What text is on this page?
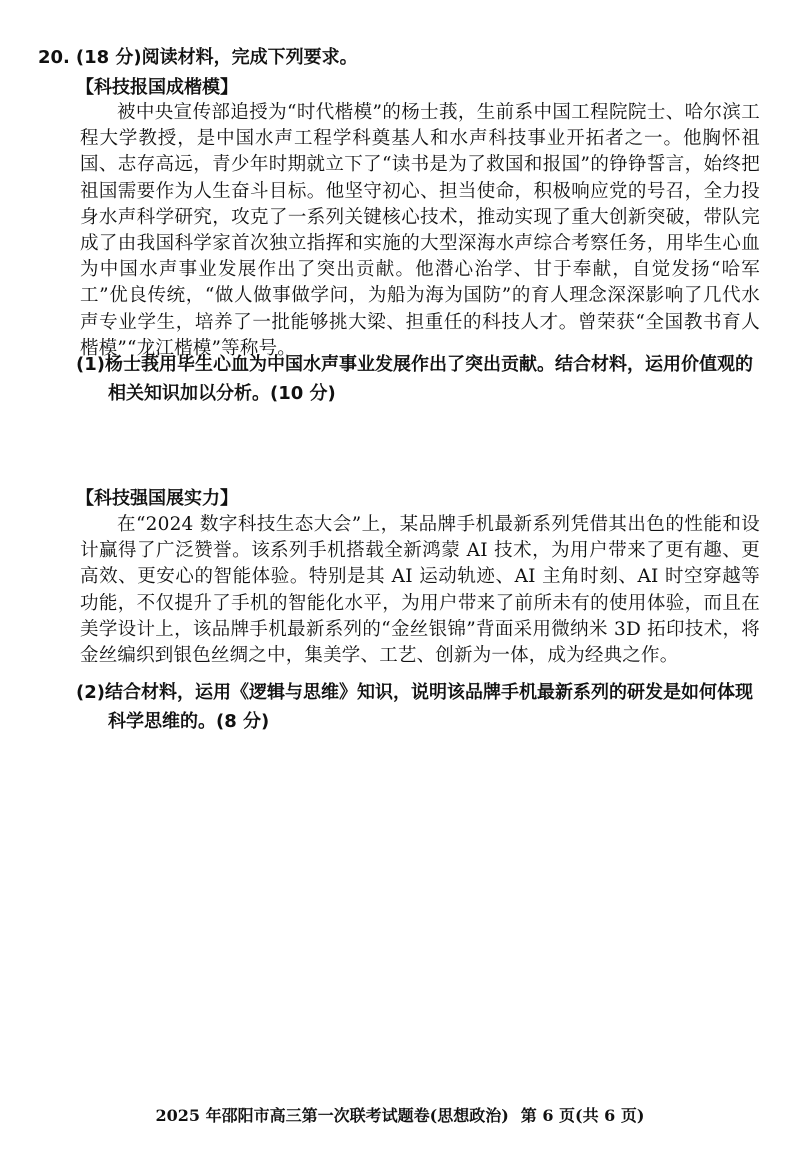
20. (18 分)阅读材料，完成下列要求。
【科技报国成楷模】

被中央宣传部追授为“时代楷模”的杨士莪，生前系中国工程院院士、哈尔滨工程大学教授，是中国水声工程学科奠基人和水声科技事业开拓者之一。他胸怀祖国、志存高远，青少年时期就立下了“读书是为了救国和报国”的铮铮誓言，始终把祖国需要作为人生奋斗目标。他坚守初心、担当使命，积极响应党的号召，全力投身水声科学研究，攻克了一系列关键核心技术，推动实现了重大创新突破，带队完成了由我国科学家首次独立指挥和实施的大型深海水声综合考察任务，用毕生心血为中国水声事业发展作出了突出贡献。他潜心治学、甘于奉献，自觉发扬“哈军工”优良传统，“做人做事做学问，为船为海为国防”的育人理念深深影响了几代水声专业学生，培养了一批能够挑大梁、担重任的科技人才。曾荣获“全国教书育人楷模”“龙江楷模”等称号。

(1)杨士莪用毕生心血为中国水声事业发展作出了突出贡献。结合材料，运用价值观的相关知识加以分析。(10 分)
【科技强国展实力】

在“2024 数字科技生态大会”上，某品牌手机最新系列凭借其出色的性能和设计赢得了广泛赞誉。该系列手机搭载全新鸿蒙 AI 技术，为用户带来了更有趣、更高效、更安心的智能体验。特别是其 AI 运动轨迹、AI 主角时刻、AI 时空穿越等功能，不仅提升了手机的智能化水平，为用户带来了前所未有的使用体验，而且在美学设计上，该品牌手机最新系列的“金丝银锦”背面采用微纳米 3D 拓印技术，将金丝编织到银色丝绸之中，集美学、工艺、创新为一体，成为经典之作。

(2)结合材料，运用《逻辑与思维》知识，说明该品牌手机最新系列的研发是如何体现科学思维的。(8 分)
2025 年邵阳市高三第一次联考试题卷(思想政治) 第 6 页(共 6 页)
